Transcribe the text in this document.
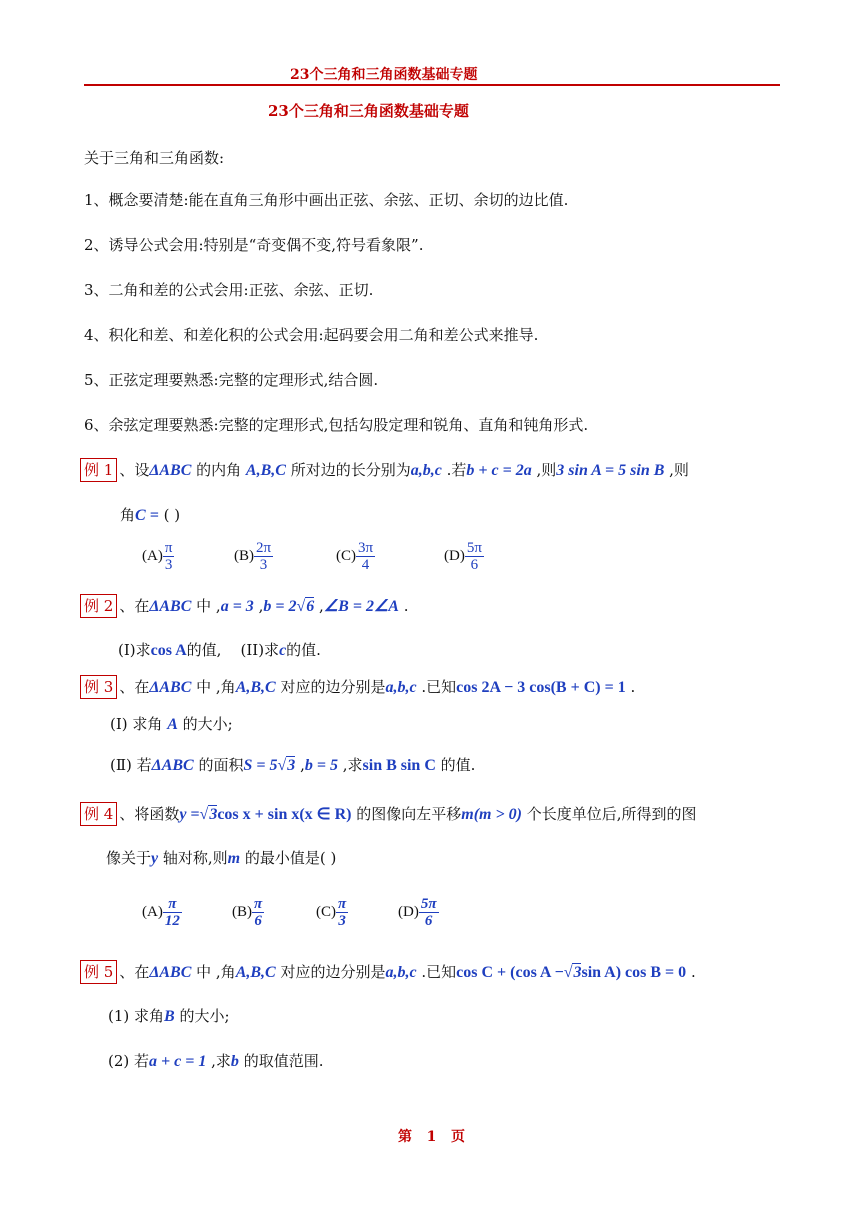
23个三角和三角函数基础专题
23个三角和三角函数基础专题
关于三角和三角函数:
1、概念要清楚:能在直角三角形中画出正弦、余弦、正切、余切的边比值.
2、诱导公式会用:特别是“奇变偶不变,符号看象限”.
3、二角和差的公式会用:正弦、余弦、正切.
4、积化和差、和差化积的公式会用:起码要会用二角和差公式来推导.
5、正弦定理要熟悉:完整的定理形式,结合圆.
6、余弦定理要熟悉:完整的定理形式,包括勾股定理和锐角、直角和钝角形式.
例 1 、设ΔABC 的内角 A,B,C 所对边的长分别为a,b,c .若b + c = 2a ,则3 sin A = 5 sin B ,则
角C = ( )
$(A) \frac{\pi}{3}$	$(B) \frac{2\pi}{3}$	$(C) \frac{3\pi}{4}$	$(D) \frac{5\pi}{6}$
例 2 、在ΔABC 中 ,a = 3 ,b = 2√6 ,∠B = 2∠A .
(I)求cos A的值, (II)求c的值.
例 3 、在ΔABC 中 ,角A,B,C 对应的边分别是a,b,c .已知cos 2A − 3 cos(B + C) = 1 .
(Ⅰ) 求角 A 的大小;
(Ⅱ) 若ΔABC 的面积S = 5√3 ,b = 5 ,求sin B sin C 的值.
例 4 、将函数y =√3cos x + sin x(x ∈ R) 的图像向左平移m(m > 0) 个长度单位后,所得到的图
像关于y 轴对称,则m 的最小值是( )
$(A) \frac{\pi}{12}$	$(B) \frac{\pi}{6}$	$(C) \frac{\pi}{3}$	$(D) \frac{5\pi}{6}$
例 5 、在ΔABC 中 ,角A,B,C 对应的边分别是a,b,c .已知cos C + (cos A −√3sin A) cos B = 0 .
(1) 求角B 的大小;
(2) 若a + c = 1 ,求b 的取值范围.
第   1   页
